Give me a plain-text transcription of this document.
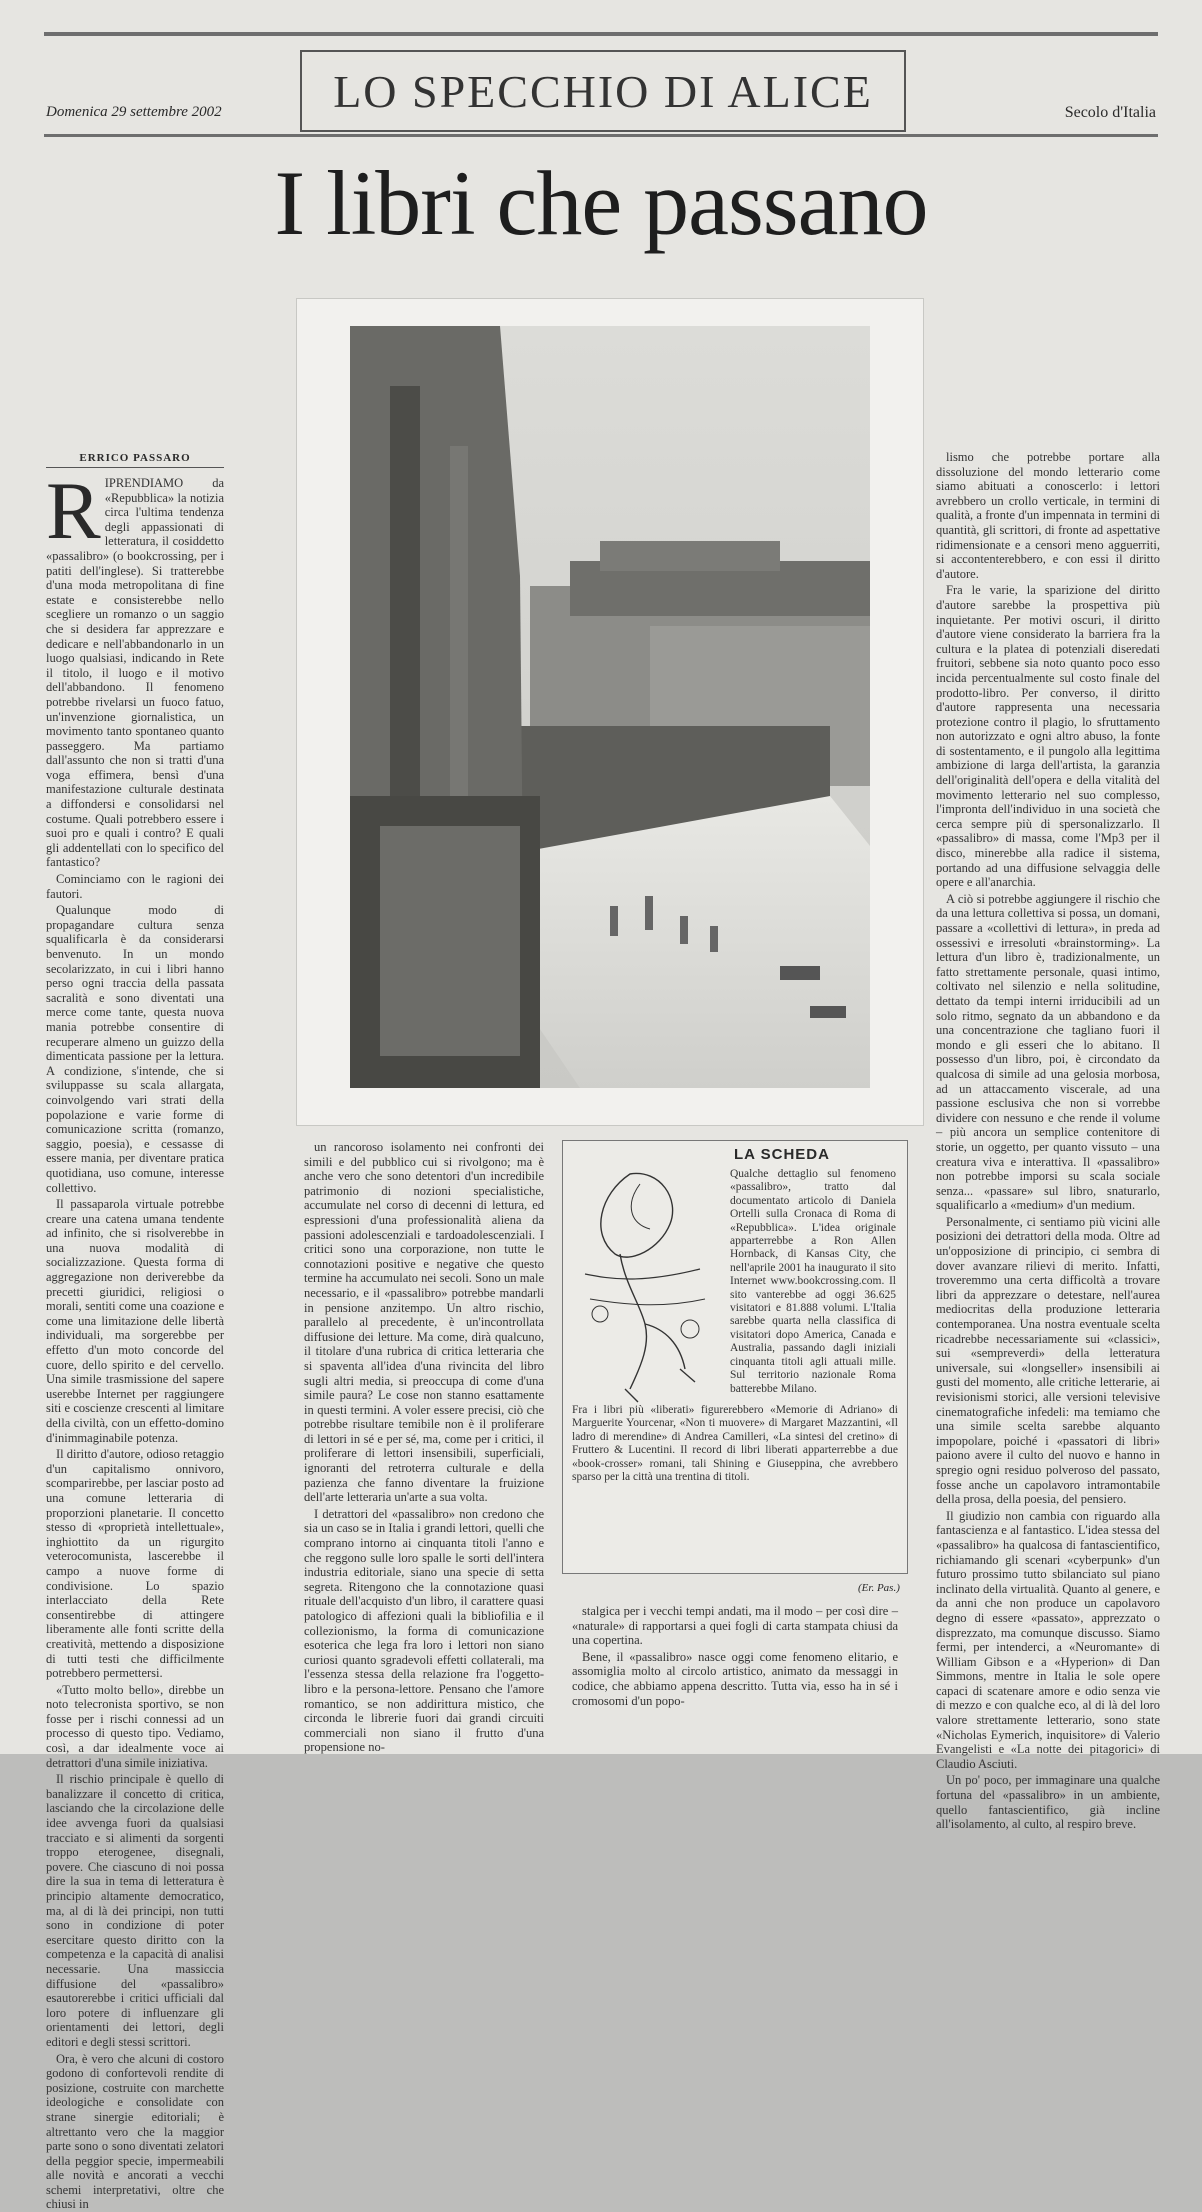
Domenica 29 settembre 2002	LO SPECCHIO DI ALICE	Secolo d'Italia
I libri che passano
ERRICO PASSARO
R IPRENDIAMO da «Repubblica» la notizia circa l'ultima tendenza degli appassionati di letteratura, il cosiddetto «passalibro» (o bookcrossing, per i patiti dell'inglese). Si tratterebbe d'una moda metropolitana di fine estate e consisterebbe nello scegliere un romanzo o un saggio che si desidera far apprezzare e dedicare e nell'abbandonarlo in un luogo qualsiasi, indicando in Rete il titolo, il luogo e il motivo dell'abbandono. Il fenomeno potrebbe rivelarsi un fuoco fatuo, un'invenzione giornalistica, un movimento tanto spontaneo quanto passeggero. Ma partiamo dall'assunto che non si tratti d'una voga effimera, bensì d'una manifestazione culturale destinata a diffondersi e consolidarsi nel costume. Quali potrebbero essere i suoi pro e quali i contro? E quali gli addentellati con lo specifico del fantastico?

Cominciamo con le ragioni dei fautori.

Qualunque modo di propagandare cultura senza squalificarla è da considerarsi benvenuto. In un mondo secolarizzato, in cui i libri hanno perso ogni traccia della passata sacralità e sono diventati una merce come tante, questa nuova mania potrebbe consentire di recuperare almeno un guizzo della dimenticata passione per la lettura. A condizione, s'intende, che si sviluppasse su scala allargata, coinvolgendo vari strati della popolazione e varie forme di comunicazione scritta (romanzo, saggio, poesia), e cessasse di essere mania, per diventare pratica quotidiana, uso comune, interesse collettivo.

Il passaparola virtuale potrebbe creare una catena umana tendente ad infinito, che si risolverebbe in una nuova modalità di socializzazione. Questa forma di aggregazione non deriverebbe da precetti giuridici, religiosi o morali, sentiti come una coazione e come una limitazione delle libertà individuali, ma sorgerebbe per effetto d'un moto concorde del cuore, dello spirito e del cervello. Una simile trasmissione del sapere userebbe Internet per raggiungere siti e coscienze crescenti al limitare della civiltà, con un effetto-domino d'inimmaginabile potenza.

Il diritto d'autore, odioso retaggio d'un capitalismo onnivoro, scomparirebbe, per lasciar posto ad una comune letteraria di proporzioni planetarie. Il concetto stesso di «proprietà intellettuale», inghiottito da un rigurgito veterocomunista, lascerebbe il campo a nuove forme di condivisione. Lo spazio interlacciato della Rete consentirebbe di attingere liberamente alle fonti scritte della creatività, mettendo a disposizione di tutti testi che difficilmente potrebbero permettersi.

«Tutto molto bello», direbbe un noto telecronista sportivo, se non fosse per i rischi connessi ad un processo di questo tipo. Vediamo, così, a dar idealmente voce ai detrattori d'una simile iniziativa.

Il rischio principale è quello di banalizzare il concetto di critica, lasciando che la circolazione delle idee avvenga fuori da qualsiasi tracciato e si alimenti da sorgenti troppo eterogenee, disegnali, povere. Che ciascuno di noi possa dire la sua in tema di letteratura è principio altamente democratico, ma, al di là dei principi, non tutti sono in condizione di poter esercitare questo diritto con la competenza e la capacità di analisi necessarie. Una massiccia diffusione del «passalibro» esautorerebbe i critici ufficiali dal loro potere di influenzare gli orientamenti dei lettori, degli editori e degli stessi scrittori.

Ora, è vero che alcuni di costoro godono di confortevoli rendite di posizione, costruite con marchette ideologiche e consolidate con strane sinergie editoriali; è altrettanto vero che la maggior parte sono o sono diventati zelatori della peggior specie, impermeabili alle novità e ancorati a vecchi schemi interpretativi, oltre che chiusi in

un rancoroso isolamento nei confronti dei simili e del pubblico cui si rivolgono; ma è anche vero che sono detentori d'un incredibile patrimonio di nozioni specialistiche, accumulate nel corso di decenni di lettura, ed espressioni d'una professionalità aliena da passioni adolescenziali e tardoadolescenziali. I critici sono una corporazione, non tutte le connotazioni positive e negative che questo termine ha accumulato nei secoli. Sono un male necessario, e il «passalibro» potrebbe mandarli in pensione anzitempo. Un altro rischio, parallelo al precedente, è un'incontrollata diffusione dei letture. Ma come, dirà qualcuno, il titolare d'una rubrica di critica letteraria che si spaventa all'idea d'una rivincita del libro sugli altri media, si preoccupa di come d'una simile paura? Le cose non stanno esattamente in questi termini. A voler essere precisi, ciò che potrebbe risultare temibile non è il proliferare di lettori in sé e per sé, ma, come per i critici, il proliferare di lettori insensibili, superficiali, ignoranti del retroterra culturale e della pazienza che fanno diventare la fruizione dell'arte letteraria un'arte a sua volta.

I detrattori del «passalibro» non credono che sia un caso se in Italia i grandi lettori, quelli che comprano intorno ai cinquanta titoli l'anno e che reggono sulle loro spalle le sorti dell'intera industria editoriale, siano una specie di setta segreta. Ritengono che la connotazione quasi rituale dell'acquisto d'un libro, il carattere quasi patologico di affezioni quali la bibliofilia e il collezionismo, la forma di comunicazione esoterica che lega fra loro i lettori non siano curiosi quanto sgradevoli effetti collaterali, ma l'essenza stessa della relazione fra l'oggetto-libro e la persona-lettore. Pensano che l'amore romantico, se non addirittura mistico, che circonda le librerie fuori dai grandi circuiti commerciali non siano il frutto d'una propensione no-

LA SCHEDA

Qualche dettaglio sul fenomeno «passalibro», tratto dal documentato articolo di Daniela Ortelli sulla Cronaca di Roma di «Repubblica». L'idea originale apparterrebbe a Ron Allen Hornback, di Kansas City, che nell'aprile 2001 ha inaugurato il sito Internet www.bookcrossing.com. Il sito vanterebbe ad oggi 36.625 visitatori e 81.888 volumi. L'Italia sarebbe quarta nella classifica di visitatori dopo America, Canada e Australia, passando dagli iniziali cinquanta titoli agli attuali mille. Sul territorio nazionale Roma batterebbe Milano.

Fra i libri più «liberati» figurerebbero «Memorie di Adriano» di Marguerite Yourcenar, «Non ti muovere» di Margaret Mazzantini, «Il ladro di merendine» di Andrea Camilleri, «La sintesi del cretino» di Fruttero & Lucentini. Il record di libri liberati apparterrebbe a due «book-crosser» romani, tali Shining e Giuseppina, che avrebbero sparso per la città una trentina di titoli.

(Er. Pas.)

stalgica per i vecchi tempi andati, ma il modo – per così dire – «naturale» di rapportarsi a quei fogli di carta stampata chiusi da una copertina.

Bene, il «passalibro» nasce oggi come fenomeno elitario, e assomiglia molto al circolo artistico, animato da messaggi in codice, che abbiamo appena descritto. Tutta via, esso ha in sé i cromosomi d'un popo-

lismo che potrebbe portare alla dissoluzione del mondo letterario come siamo abituati a conoscerlo: i lettori avrebbero un crollo verticale, in termini di qualità, a fronte d'un impennata in termini di quantità, gli scrittori, di fronte ad aspettative ridimensionate e a censori meno agguerriti, si accontenterebbero, e con essi il diritto d'autore.

Fra le varie, la sparizione del diritto d'autore sarebbe la prospettiva più inquietante. Per motivi oscuri, il diritto d'autore viene considerato la barriera fra la cultura e la platea di potenziali diseredati fruitori, sebbene sia noto quanto poco esso incida percentualmente sul costo finale del prodotto-libro. Per converso, il diritto d'autore rappresenta una necessaria protezione contro il plagio, lo sfruttamento non autorizzato e ogni altro abuso, la fonte di sostentamento, e il pungolo alla legittima ambizione di larga dell'artista, la garanzia dell'originalità dell'opera e della vitalità del movimento letterario nel suo complesso, l'impronta dell'individuo in una società che cerca sempre più di spersonalizzarlo. Il «passalibro» di massa, come l'Mp3 per il disco, minerebbe alla radice il sistema, portando ad una diffusione selvaggia delle opere e all'anarchia.

A ciò si potrebbe aggiungere il rischio che da una lettura collettiva si possa, un domani, passare a «collettivi di lettura», in preda ad ossessivi e irresoluti «brainstorming». La lettura d'un libro è, tradizionalmente, un fatto strettamente personale, quasi intimo, coltivato nel silenzio e nella solitudine, dettato da tempi interni irriducibili ad un solo ritmo, segnato da un abbandono e da una concentrazione che tagliano fuori il mondo e gli esseri che lo abitano. Il possesso d'un libro, poi, è circondato da qualcosa di simile ad una gelosia morbosa, ad un attaccamento viscerale, ad una passione esclusiva che non si vorrebbe dividere con nessuno e che rende il volume – più ancora un semplice contenitore di storie, un oggetto, per quanto vissuto – una creatura viva e interattiva. Il «passalibro» non potrebbe imporsi su scala sociale senza... «passare» sul libro, snaturarlo, squalificarlo a «medium» d'un medium.

Personalmente, ci sentiamo più vicini alle posizioni dei detrattori della moda. Oltre ad un'opposizione di principio, ci sembra di dover avanzare rilievi di merito. Infatti, troveremmo una certa difficoltà a trovare libri da apprezzare o detestare, nell'aurea mediocritas della produzione letteraria contemporanea. Una nostra eventuale scelta ricadrebbe necessariamente sui «classici», sui «sempreverdi» della letteratura universale, sui «longseller» insensibili ai gusti del momento, alle critiche letterarie, ai revisionismi storici, alle versioni televisive cinematografiche infedeli: ma temiamo che una simile scelta sarebbe alquanto impopolare, poiché i «passatori di libri» paiono avere il culto del nuovo e hanno in spregio ogni residuo polveroso del passato, fosse anche un capolavoro intramontabile della prosa, della poesia, del pensiero.

Il giudizio non cambia con riguardo alla fantascienza e al fantastico. L'idea stessa del «passalibro» ha qualcosa di fantascientifico, richiamando gli scenari «cyberpunk» d'un futuro prossimo tutto sbilanciato sul piano inclinato della virtualità. Quanto al genere, e da anni che non produce un capolavoro degno di essere «passato», apprezzato o disprezzato, ma comunque discusso. Siamo fermi, per intenderci, a «Neuromante» di William Gibson e a «Hyperion» di Dan Simmons, mentre in Italia le sole opere capaci di scatenare amore e odio senza vie di mezzo e con qualche eco, al di là del loro valore strettamente letterario, sono state «Nicholas Eymerich, inquisitore» di Valerio Evangelisti e «La notte dei pitagorici» di Claudio Asciuti.

Un po' poco, per immaginare una qualche fortuna del «passalibro» in un ambiente, quello fantascientifico, già incline all'isolamento, al culto, al respiro breve.
